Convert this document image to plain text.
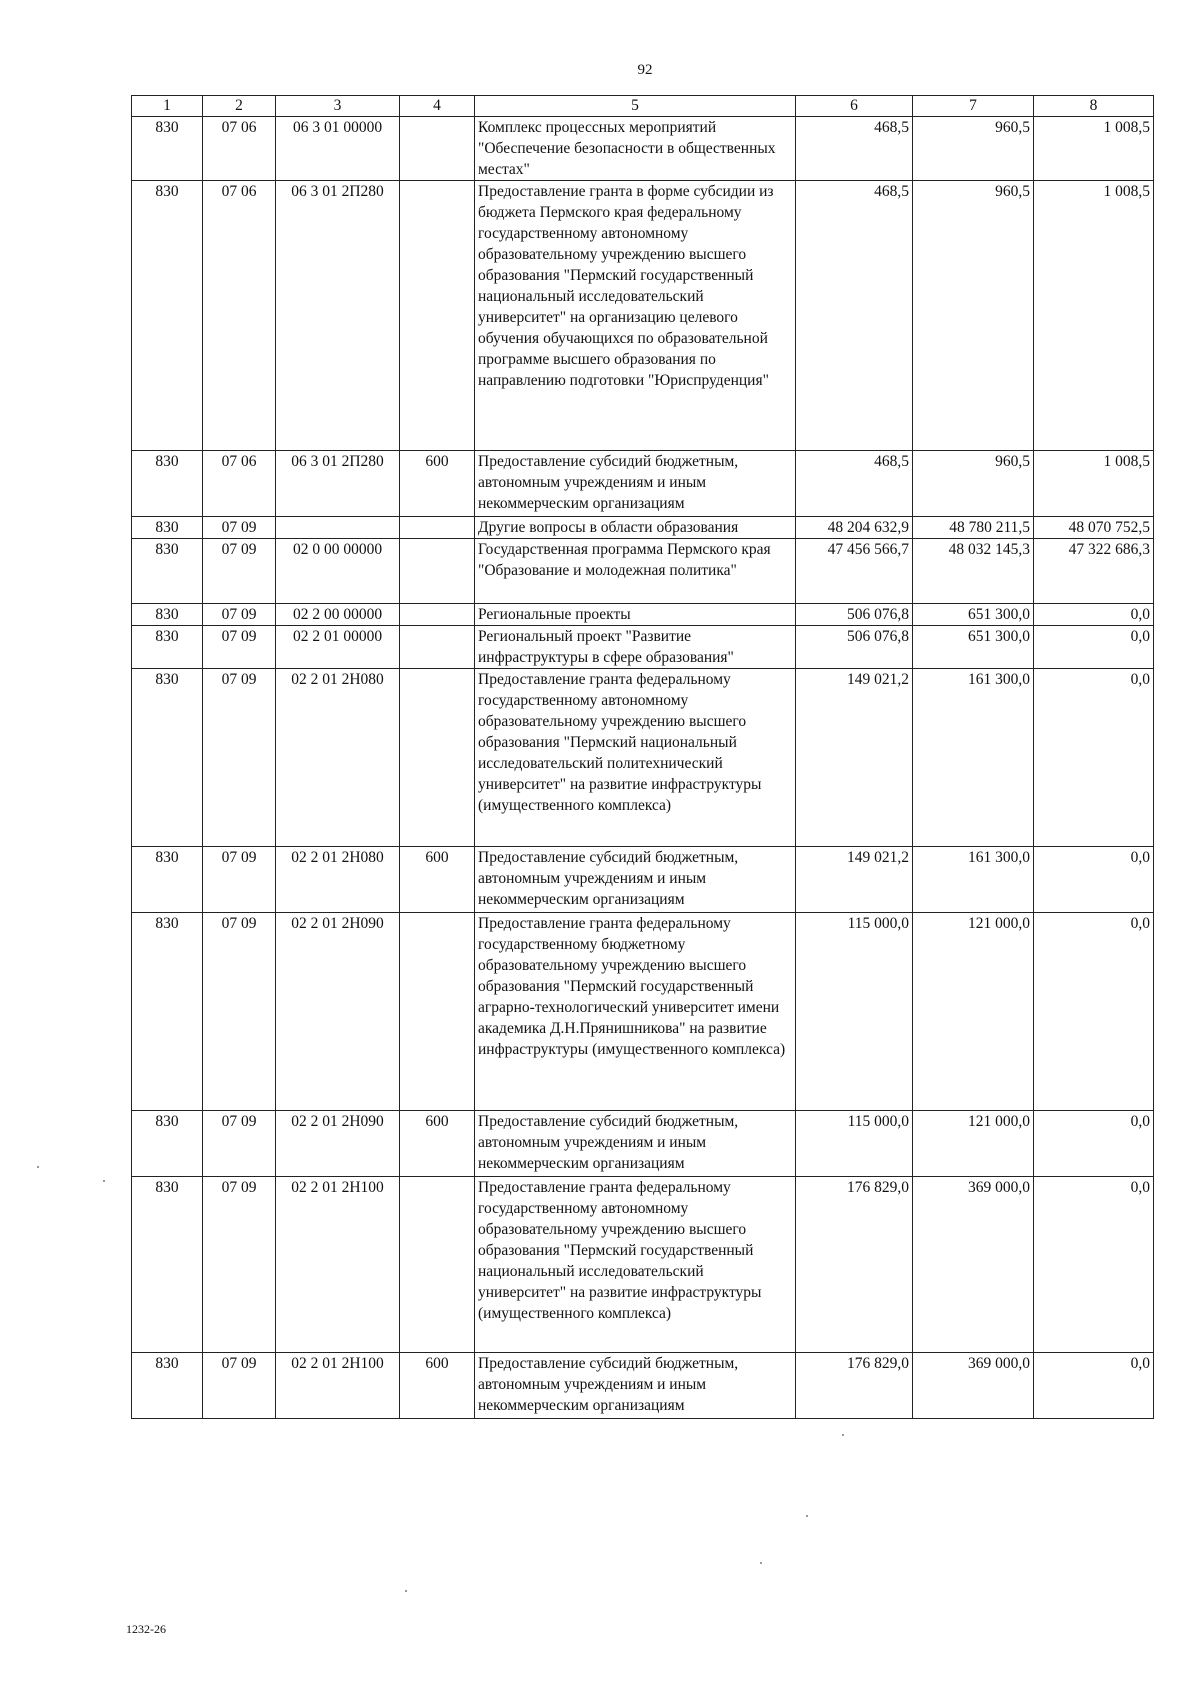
92
1	2	3	4	5	6	7	8
830	07 06	06 3 01 00000		Комплекс процессных мероприятий "Обеспечение безопасности в общественных местах"	468,5	960,5	1 008,5
830	07 06	06 3 01 2П280		Предоставление гранта в форме субсидии из бюджета Пермского края федеральному государственному автономному образовательному учреждению высшего образования "Пермский государственный национальный исследовательский университет" на организацию целевого обучения обучающихся по образовательной программе высшего образования по направлению подготовки "Юриспруденция"	468,5	960,5	1 008,5
830	07 06	06 3 01 2П280	600	Предоставление субсидий бюджетным, автономным учреждениям и иным некоммерческим организациям	468,5	960,5	1 008,5
830	07 09			Другие вопросы в области образования	48 204 632,9	48 780 211,5	48 070 752,5
830	07 09	02 0 00 00000		Государственная программа Пермского края "Образование и молодежная политика"	47 456 566,7	48 032 145,3	47 322 686,3
830	07 09	02 2 00 00000		Региональные проекты	506 076,8	651 300,0	0,0
830	07 09	02 2 01 00000		Региональный проект "Развитие инфраструктуры в сфере образования"	506 076,8	651 300,0	0,0
830	07 09	02 2 01 2Н080		Предоставление гранта федеральному государственному автономному образовательному учреждению высшего образования "Пермский национальный исследовательский политехнический университет" на развитие инфраструктуры (имущественного комплекса)	149 021,2	161 300,0	0,0
830	07 09	02 2 01 2Н080	600	Предоставление субсидий бюджетным, автономным учреждениям и иным некоммерческим организациям	149 021,2	161 300,0	0,0
830	07 09	02 2 01 2Н090		Предоставление гранта федеральному государственному бюджетному образовательному учреждению высшего образования "Пермский государственный аграрно-технологический университет имени академика Д.Н.Прянишникова" на развитие инфраструктуры (имущественного комплекса)	115 000,0	121 000,0	0,0
830	07 09	02 2 01 2Н090	600	Предоставление субсидий бюджетным, автономным учреждениям и иным некоммерческим организациям	115 000,0	121 000,0	0,0
830	07 09	02 2 01 2Н100		Предоставление гранта федеральному государственному автономному образовательному учреждению высшего образования "Пермский государственный национальный исследовательский университет" на развитие инфраструктуры (имущественного комплекса)	176 829,0	369 000,0	0,0
830	07 09	02 2 01 2Н100	600	Предоставление субсидий бюджетным, автономным учреждениям и иным некоммерческим организациям	176 829,0	369 000,0	0,0
1232-26
